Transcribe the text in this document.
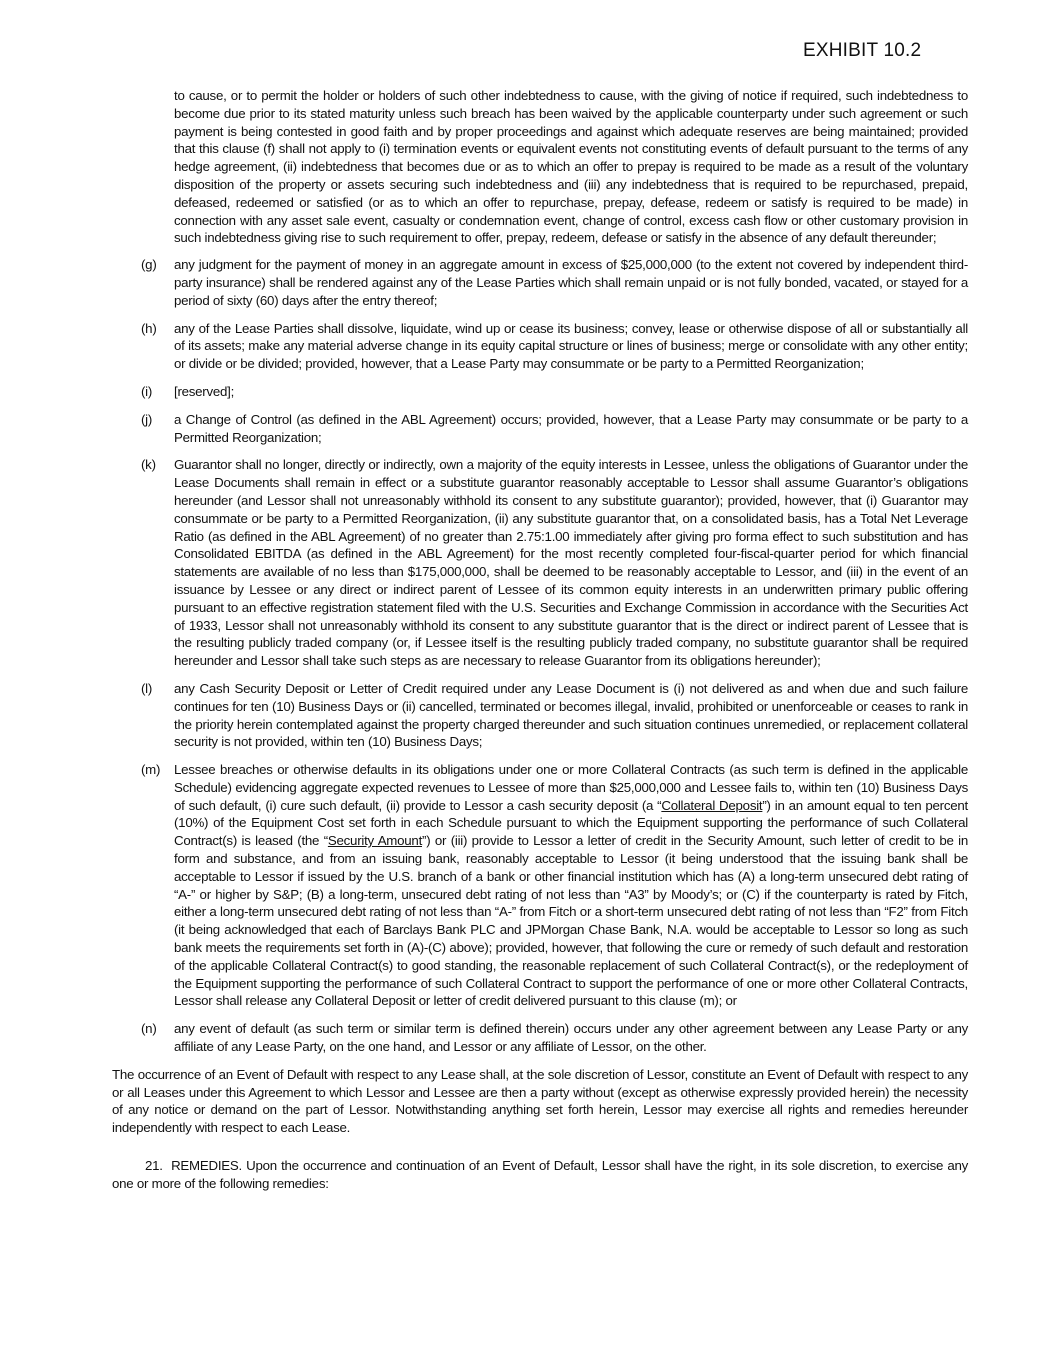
EXHIBIT 10.2
to cause, or to permit the holder or holders of such other indebtedness to cause, with the giving of notice if required, such indebtedness to become due prior to its stated maturity unless such breach has been waived by the applicable counterparty under such agreement or such payment is being contested in good faith and by proper proceedings and against which adequate reserves are being maintained; provided that this clause (f) shall not apply to (i) termination events or equivalent events not constituting events of default pursuant to the terms of any hedge agreement, (ii) indebtedness that becomes due or as to which an offer to prepay is required to be made as a result of the voluntary disposition of the property or assets securing such indebtedness and (iii) any indebtedness that is required to be repurchased, prepaid, defeased, redeemed or satisfied (or as to which an offer to repurchase, prepay, defease, redeem or satisfy is required to be made) in connection with any asset sale event, casualty or condemnation event, change of control, excess cash flow or other customary provision in such indebtedness giving rise to such requirement to offer, prepay, redeem, defease or satisfy in the absence of any default thereunder;
(g)	any judgment for the payment of money in an aggregate amount in excess of $25,000,000 (to the extent not covered by independent third-party insurance) shall be rendered against any of the Lease Parties which shall remain unpaid or is not fully bonded, vacated, or stayed for a period of sixty (60) days after the entry thereof;
(h)	any of the Lease Parties shall dissolve, liquidate, wind up or cease its business; convey, lease or otherwise dispose of all or substantially all of its assets; make any material adverse change in its equity capital structure or lines of business; merge or consolidate with any other entity; or divide or be divided; provided, however, that a Lease Party may consummate or be party to a Permitted Reorganization;
(i)	[reserved];
(j)	a Change of Control (as defined in the ABL Agreement) occurs; provided, however, that a Lease Party may consummate or be party to a Permitted Reorganization;
(k)	Guarantor shall no longer, directly or indirectly, own a majority of the equity interests in Lessee, unless the obligations of Guarantor under the Lease Documents shall remain in effect or a substitute guarantor reasonably acceptable to Lessor shall assume Guarantor’s obligations hereunder (and Lessor shall not unreasonably withhold its consent to any substitute guarantor); provided, however, that (i) Guarantor may consummate or be party to a Permitted Reorganization, (ii) any substitute guarantor that, on a consolidated basis, has a Total Net Leverage Ratio (as defined in the ABL Agreement) of no greater than 2.75:1.00 immediately after giving pro forma effect to such substitution and has Consolidated EBITDA (as defined in the ABL Agreement) for the most recently completed four-fiscal-quarter period for which financial statements are available of no less than $175,000,000, shall be deemed to be reasonably acceptable to Lessor, and (iii) in the event of an issuance by Lessee or any direct or indirect parent of Lessee of its common equity interests in an underwritten primary public offering pursuant to an effective registration statement filed with the U.S. Securities and Exchange Commission in accordance with the Securities Act of 1933, Lessor shall not unreasonably withhold its consent to any substitute guarantor that is the direct or indirect parent of Lessee that is the resulting publicly traded company (or, if Lessee itself is the resulting publicly traded company, no substitute guarantor shall be required hereunder and Lessor shall take such steps as are necessary to release Guarantor from its obligations hereunder);
(l)	any Cash Security Deposit or Letter of Credit required under any Lease Document is (i) not delivered as and when due and such failure continues for ten (10) Business Days or (ii) cancelled, terminated or becomes illegal, invalid, prohibited or unenforceable or ceases to rank in the priority herein contemplated against the property charged thereunder and such situation continues unremedied, or replacement collateral security is not provided, within ten (10) Business Days;
(m)	Lessee breaches or otherwise defaults in its obligations under one or more Collateral Contracts (as such term is defined in the applicable Schedule) evidencing aggregate expected revenues to Lessee of more than $25,000,000 and Lessee fails to, within ten (10) Business Days of such default, (i) cure such default, (ii) provide to Lessor a cash security deposit (a “Collateral Deposit”) in an amount equal to ten percent (10%) of the Equipment Cost set forth in each Schedule pursuant to which the Equipment supporting the performance of such Collateral Contract(s) is leased (the “Security Amount”) or (iii) provide to Lessor a letter of credit in the Security Amount, such letter of credit to be in form and substance, and from an issuing bank, reasonably acceptable to Lessor (it being understood that the issuing bank shall be acceptable to Lessor if issued by the U.S. branch of a bank or other financial institution which has (A) a long-term unsecured debt rating of “A-” or higher by S&P; (B) a long-term, unsecured debt rating of not less than “A3” by Moody’s; or (C) if the counterparty is rated by Fitch, either a long-term unsecured debt rating of not less than “A-” from Fitch or a short-term unsecured debt rating of not less than “F2” from Fitch (it being acknowledged that each of Barclays Bank PLC and JPMorgan Chase Bank, N.A. would be acceptable to Lessor so long as such bank meets the requirements set forth in (A)-(C) above); provided, however, that following the cure or remedy of such default and restoration of the applicable Collateral Contract(s) to good standing, the reasonable replacement of such Collateral Contract(s), or the redeployment of the Equipment supporting the performance of such Collateral Contract to support the performance of one or more other Collateral Contracts, Lessor shall release any Collateral Deposit or letter of credit delivered pursuant to this clause (m); or
(n)	any event of default (as such term or similar term is defined therein) occurs under any other agreement between any Lease Party or any affiliate of any Lease Party, on the one hand, and Lessor or any affiliate of Lessor, on the other.
The occurrence of an Event of Default with respect to any Lease shall, at the sole discretion of Lessor, constitute an Event of Default with respect to any or all Leases under this Agreement to which Lessor and Lessee are then a party without (except as otherwise expressly provided herein) the necessity of any notice or demand on the part of Lessor. Notwithstanding anything set forth herein, Lessor may exercise all rights and remedies hereunder independently with respect to each Lease.
21. REMEDIES. Upon the occurrence and continuation of an Event of Default, Lessor shall have the right, in its sole discretion, to exercise any one or more of the following remedies:
